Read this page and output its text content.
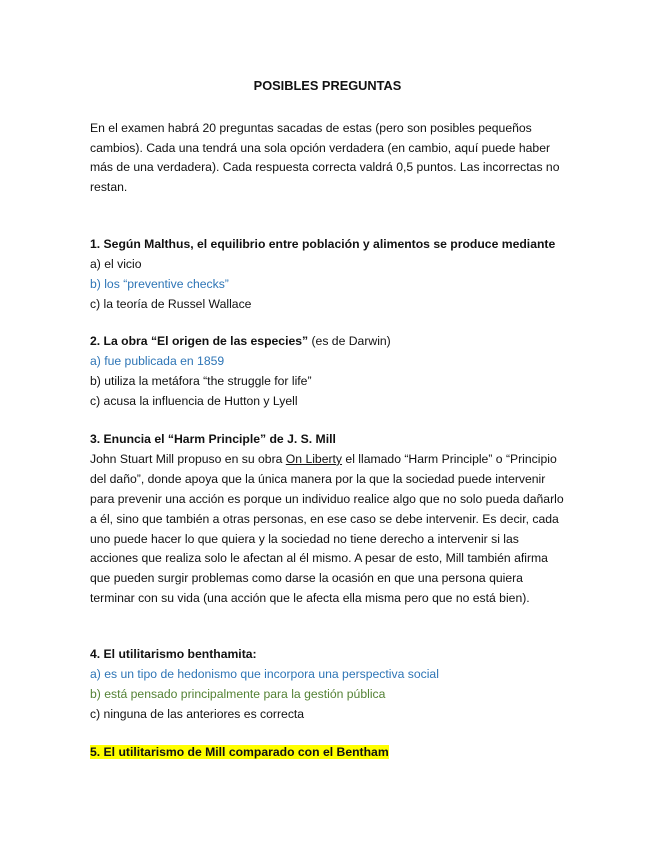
POSIBLES PREGUNTAS
En el examen habrá 20 preguntas sacadas de estas (pero son posibles pequeños cambios). Cada una tendrá una sola opción verdadera (en cambio, aquí puede haber más de una verdadera). Cada respuesta correcta valdrá 0,5 puntos. Las incorrectas no restan.
1. Según Malthus, el equilibrio entre población y alimentos se produce mediante
a) el vicio
b) los “preventive checks”
c) la teoría de Russel Wallace
2. La obra “El origen de las especies” (es de Darwin)
a) fue publicada en 1859
b) utiliza la metáfora “the struggle for life”
c) acusa la influencia de Hutton y Lyell
3. Enuncia el “Harm Principle” de J. S. Mill
John Stuart Mill propuso en su obra On Liberty el llamado “Harm Principle” o “Principio del daño”, donde apoya que la única manera por la que la sociedad puede intervenir para prevenir una acción es porque un individuo realice algo que no solo pueda dañarlo a él, sino que también a otras personas, en ese caso se debe intervenir. Es decir, cada uno puede hacer lo que quiera y la sociedad no tiene derecho a intervenir si las acciones que realiza solo le afectan al él mismo. A pesar de esto, Mill también afirma que pueden surgir problemas como darse la ocasión en que una persona quiera terminar con su vida (una acción que le afecta ella misma pero que no está bien).
4. El utilitarismo benthamita:
a) es un tipo de hedonismo que incorpora una perspectiva social
b) está pensado principalmente para la gestión pública
c) ninguna de las anteriores es correcta
5. El utilitarismo de Mill comparado con el Bentham
